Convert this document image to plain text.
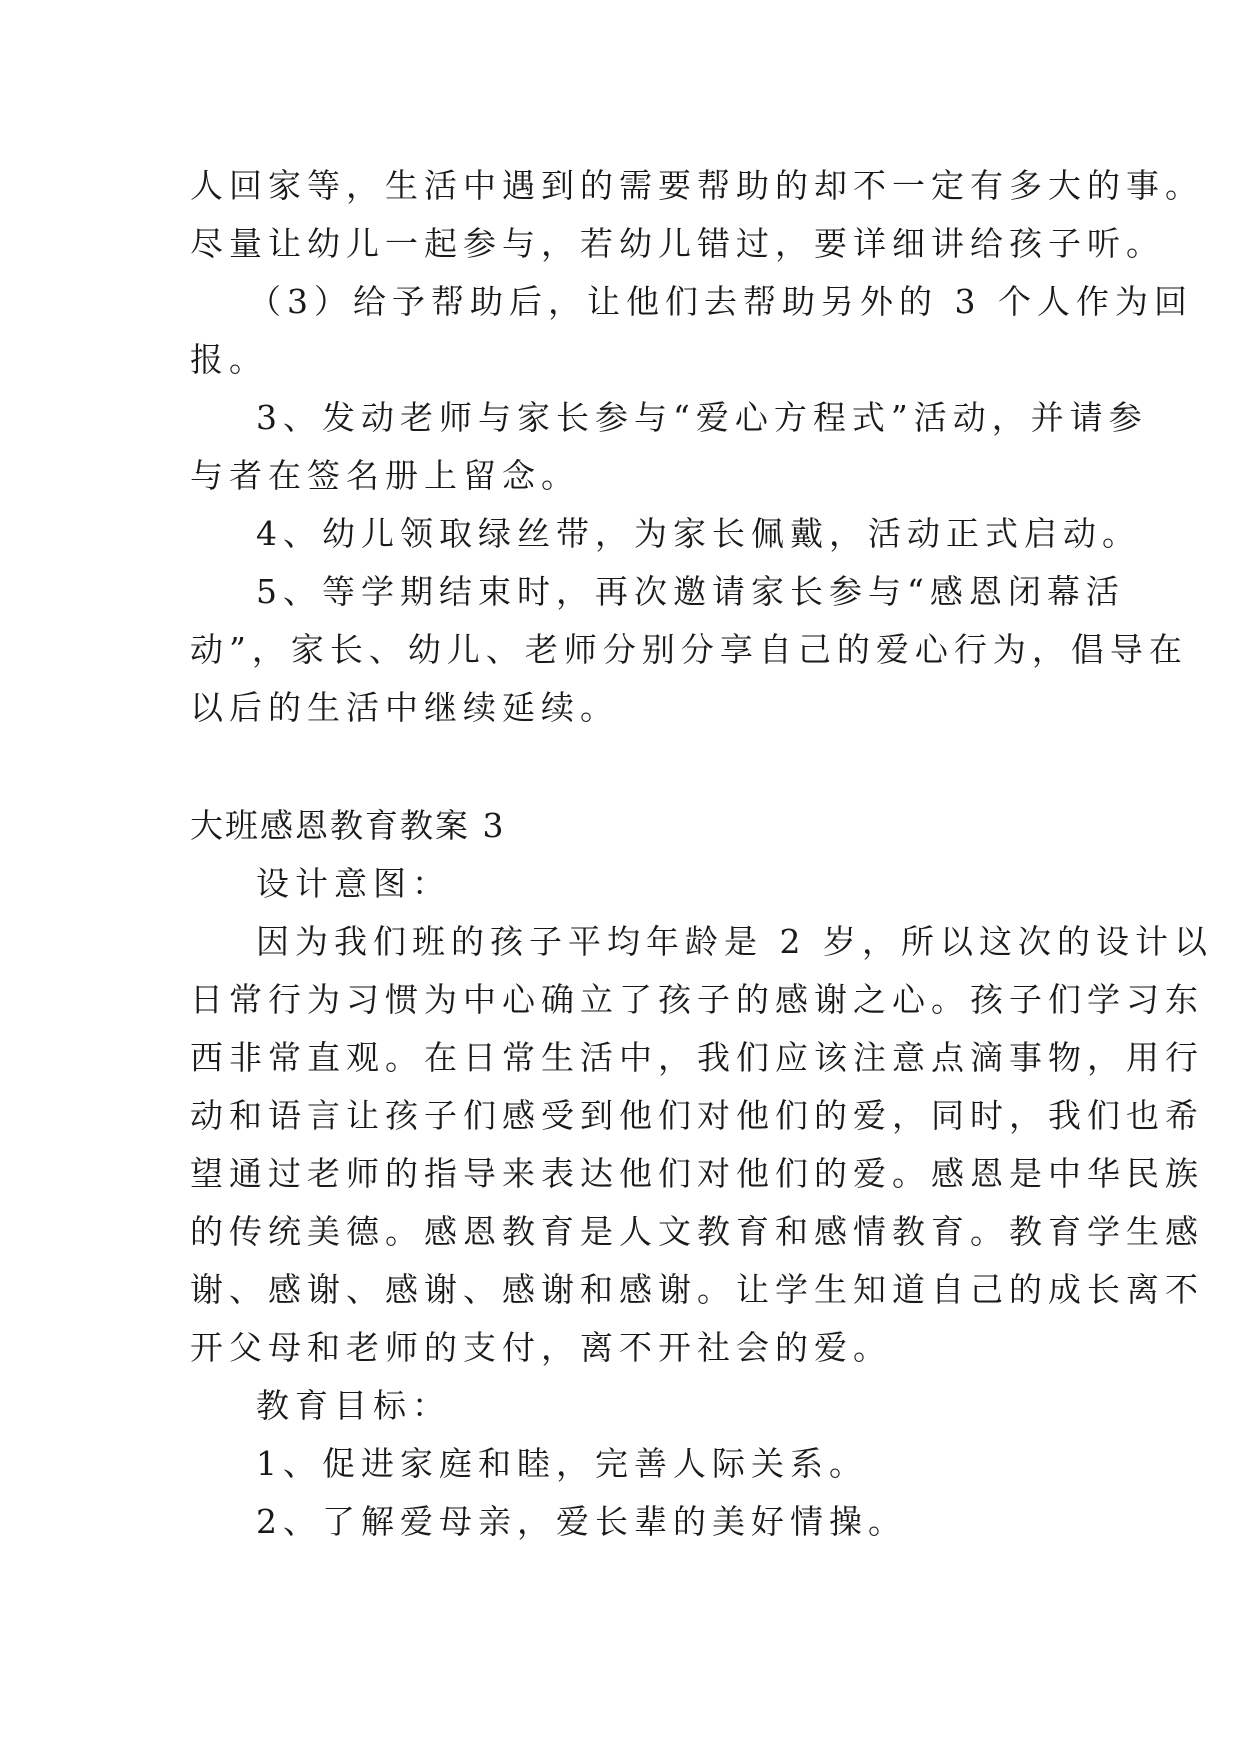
人回家等，生活中遇到的需要帮助的却不一定有多大的事。
尽量让幼儿一起参与，若幼儿错过，要详细讲给孩子听。
（3）给予帮助后，让他们去帮助另外的 3 个人作为回
报。
3、发动老师与家长参与“爱心方程式”活动，并请参
与者在签名册上留念。
4、幼儿领取绿丝带，为家长佩戴，活动正式启动。
5、等学期结束时，再次邀请家长参与“感恩闭幕活
动”，家长、幼儿、老师分别分享自己的爱心行为，倡导在
以后的生活中继续延续。
大班感恩教育教案 3
设计意图：
因为我们班的孩子平均年龄是 2 岁，所以这次的设计以
日常行为习惯为中心确立了孩子的感谢之心。孩子们学习东
西非常直观。在日常生活中，我们应该注意点滴事物，用行
动和语言让孩子们感受到他们对他们的爱，同时，我们也希
望通过老师的指导来表达他们对他们的爱。感恩是中华民族
的传统美德。感恩教育是人文教育和感情教育。教育学生感
谢、感谢、感谢、感谢和感谢。让学生知道自己的成长离不
开父母和老师的支付，离不开社会的爱。
教育目标：
1、促进家庭和睦，完善人际关系。
2、了解爱母亲，爱长辈的美好情操。
